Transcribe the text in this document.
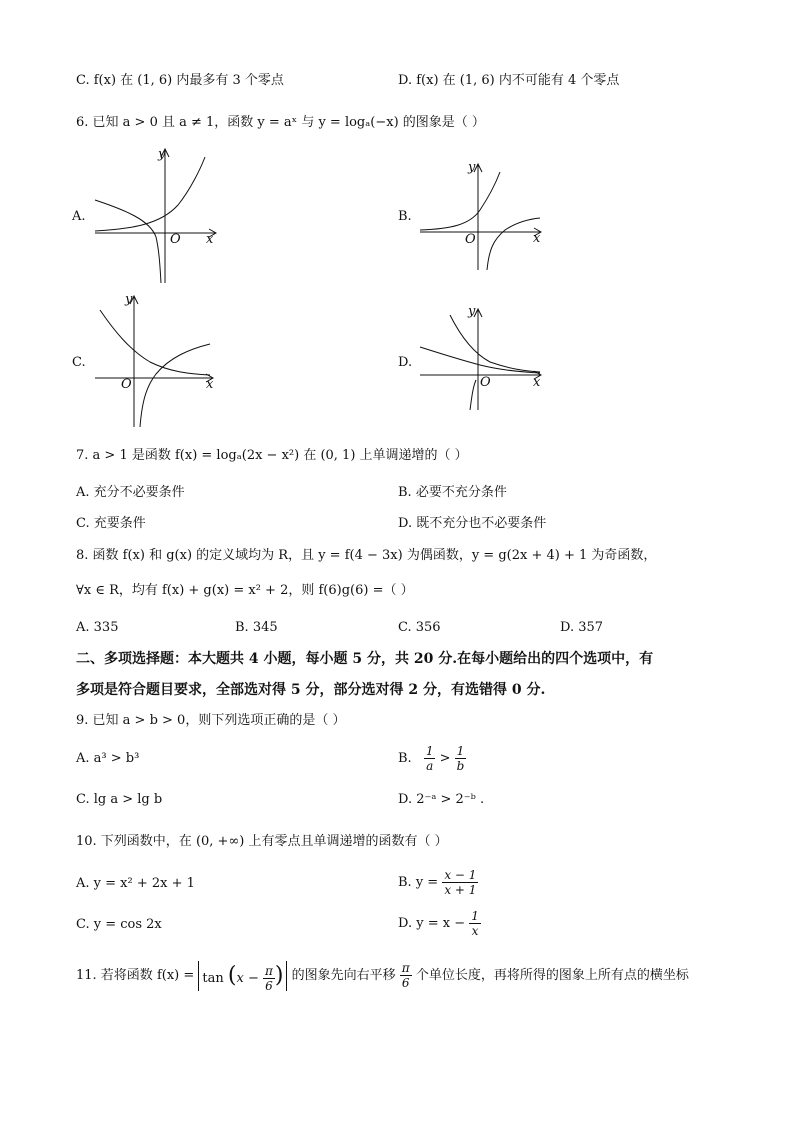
C. f(x) 在 (1, 6) 内最多有 3 个零点	D. f(x) 在 (1, 6) 内不可能有 4 个零点
6. 已知 a > 0 且 a ≠ 1，函数 y = aˣ 与 y = logₐ(−x) 的图象是（ ）
A.
y
O x
B.
y
O	x
C.
y
O	x
D.
y
O	x
7. a > 1 是函数 f(x) = logₐ(2x − x²) 在 (0, 1) 上单调递增的（ ）
A. 充分不必要条件	B. 必要不充分条件
C. 充要条件	D. 既不充分也不必要条件
8. 函数 f(x) 和 g(x) 的定义域均为 R，且 y = f(4 − 3x) 为偶函数，y = g(2x + 4) + 1 为奇函数，
∀x ∈ R，均有 f(x) + g(x) = x² + 2，则 f(6)g(6) =（ ）
A. 335	B. 345	C. 356	D. 357
二、多项选择题：本大题共 4 小题，每小题 5 分，共 20 分.在每小题给出的四个选项中，有
多项是符合题目要求，全部选对得 5 分，部分选对得 2 分，有选错得 0 分.
9. 已知 a > b > 0，则下列选项正确的是（ ）
A. a³ > b³	B. $\frac{1}{a} > \frac{1}{b}$
C. lg a > lg b	D. 2⁻ᵃ > 2⁻ᵇ .
10. 下列函数中，在 (0, +∞) 上有零点且单调递增的函数有（ ）
A. y = x² + 2x + 1	B. $y = \frac{x - 1}{x + 1}$
C. y = cos 2x	D. $y = x - \frac{1}{x}$
11. 若将函数 $f(x) = \tan (x - \frac{\pi}{6}$ ) 的图象先向右平移 $\frac{\pi}{6}$ 个单位长度，再将所得的图象上所有点的横坐标
